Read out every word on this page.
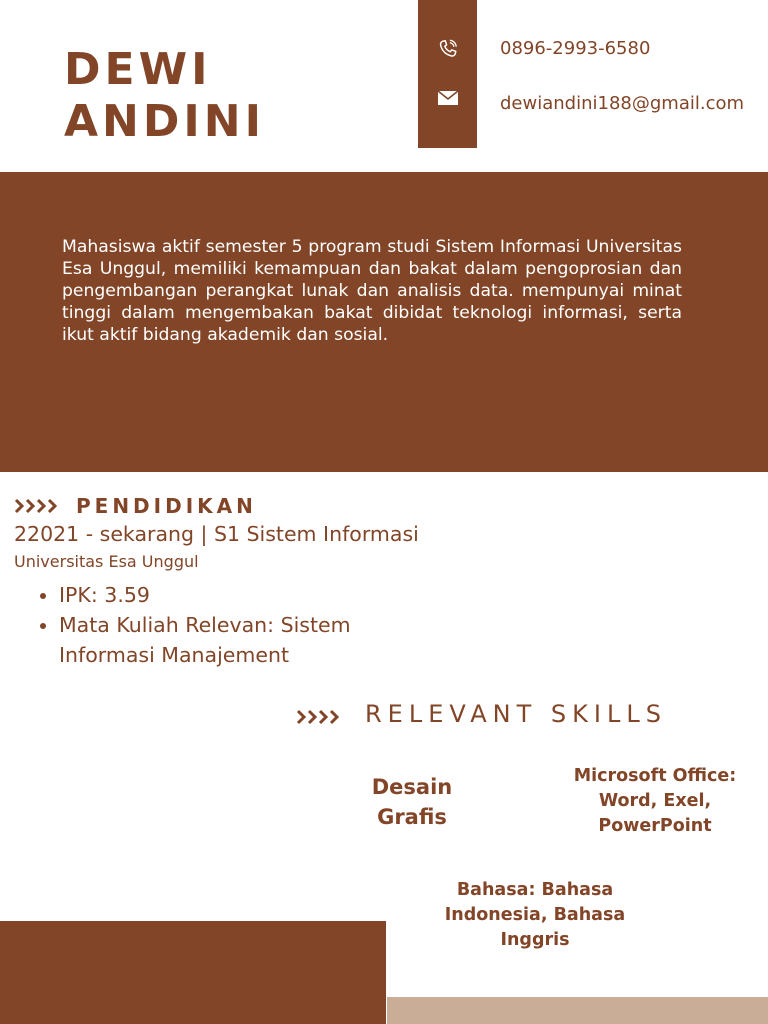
DEWI
ANDINI
0896-2993-6580
dewiandini188@gmail.com
Mahasiswa aktif semester 5 program studi Sistem Informasi Universitas Esa Unggul, memiliki kemampuan dan bakat dalam pengoprosian dan pengembangan perangkat lunak dan analisis data. mempunyai minat tinggi dalam mengembakan bakat dibidat teknologi informasi, serta ikut aktif bidang akademik dan sosial.
PENDIDIKAN
22021 - sekarang | S1 Sistem Informasi
Universitas Esa Unggul
• IPK: 3.59
• Mata Kuliah Relevan: Sistem Informasi Manajement
RELEVANT SKILLS
Desain Grafis
Microsoft Office: Word, Exel, PowerPoint
Bahasa: Bahasa Indonesia, Bahasa Inggris
